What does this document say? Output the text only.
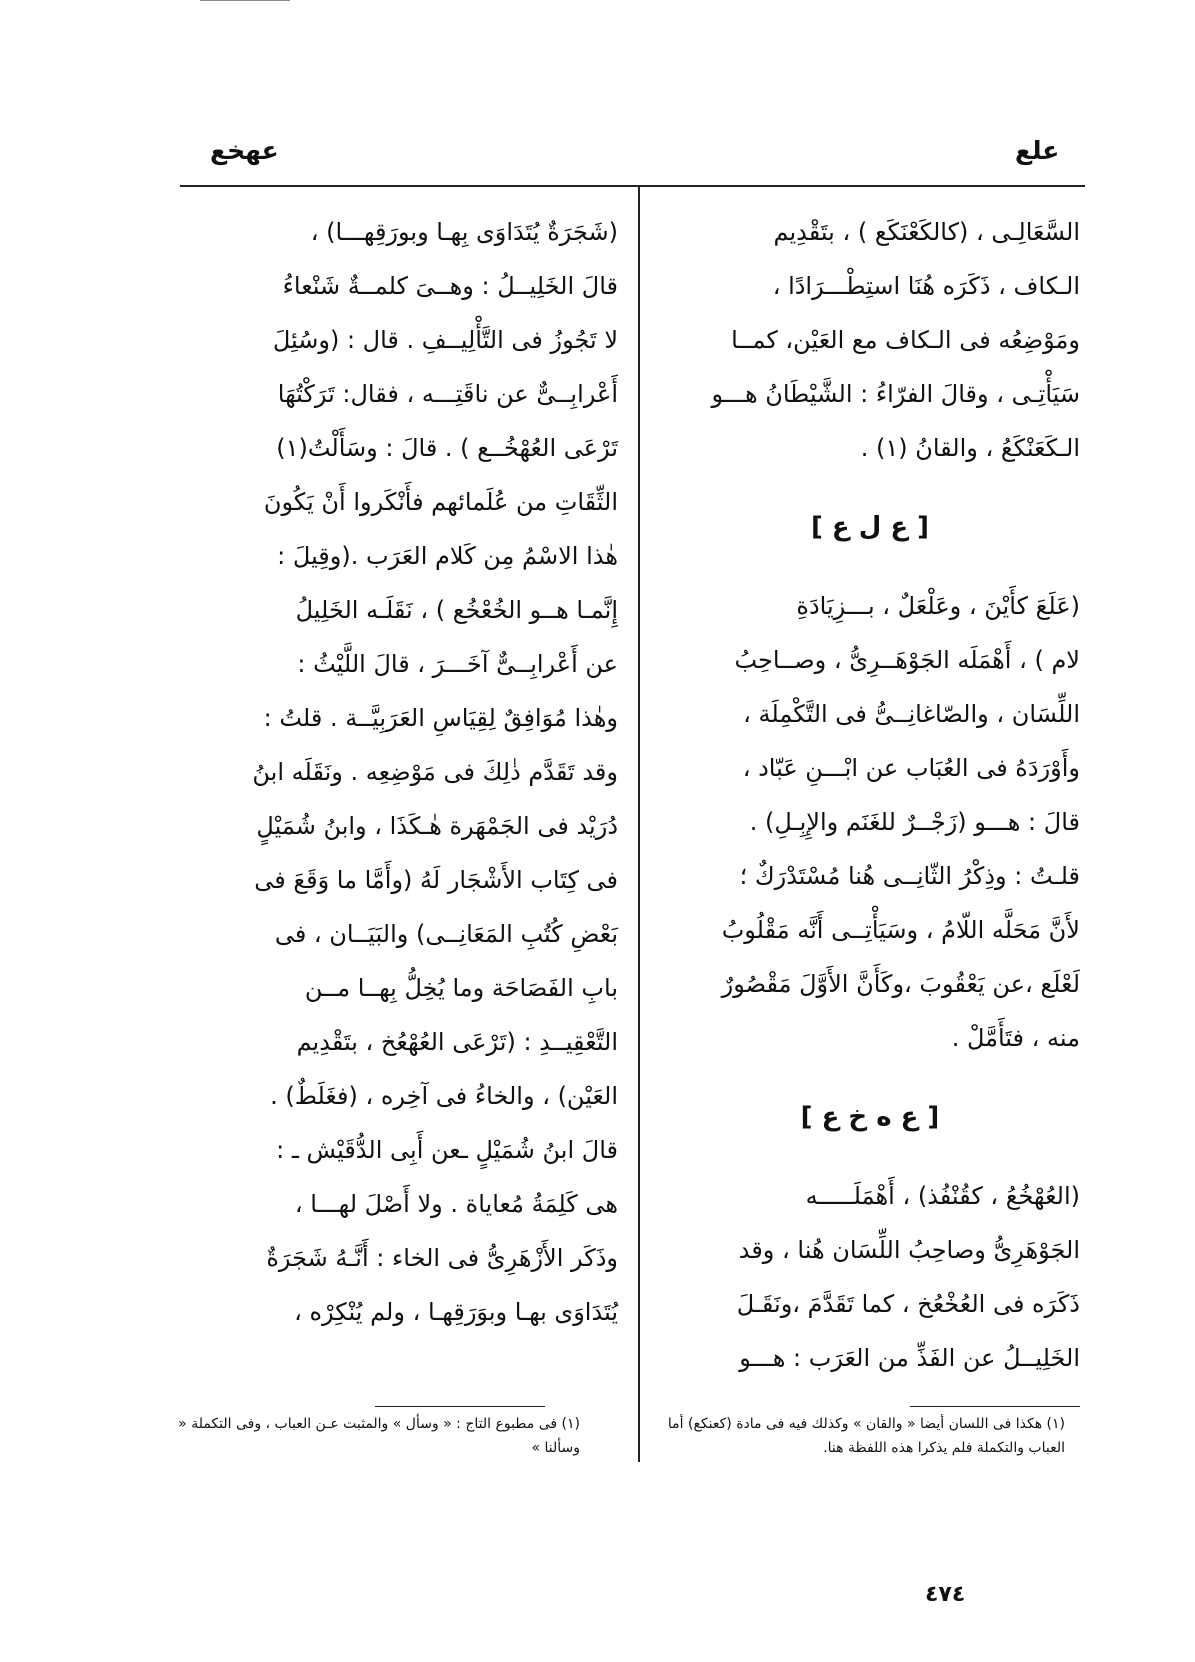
عهخع	علع
السَّعَالِـى ، (كالكَعْنَكَع ) ، بتَقْدِيم
الـكاف ، ذَكَرَه هُنَا استِطْـــرَادًا ،
ومَوْضِعُه فى الـكاف مع العَيْن، كمــا
سَيَأْتِـى ، وقالَ الفرّاءُ : الشَّيْطَانُ هـــو
الـكَعَنْكَعُ ، والقانُ (١) .
[ ع ل ع ]
(عَلَعَ كأَيْنَ ، وعَلْعَلٌ ، بـــزِيَادَةِ
لام ) ، أَهْمَلَه الجَوْهَــرِىُّ ، وصــاحِبُ
اللِّسَان ، والصّاغانِــىُّ فى التَّكْمِلَة ،
وأَوْرَدَهُ فى العُبَاب عن ابْـــنِ عَبّاد ،
قالَ : هـــو (زَجْــرٌ للغَنَم والإِبِـلِ) .
قلـتُ : وذِكْرُ الثّانِــى هُنا مُسْتَدْرَكٌ ؛
لأَنَّ مَحَلَّه اللّامُ ، وسَيَأْتِــى أَنَّه مَقْلُوبُ
لَعْلَع ،عن يَعْقُوبَ ،وكَأَنَّ الأَوَّلَ مَقْصُورٌ
منه ، فتَأَمَّلْ .
[ ع ه خ ع ]
(العُهْخُعُ ، كقُنْفُذ) ، أَهْمَلَـــــه
الجَوْهَرِىُّ وصاحِبُ اللِّسَان هُنا ، وقد
ذَكَرَه فى العُخْعُخ ، كما تَقَدَّمَ ،ونَقَـلَ
الخَلِيــلُ عن الفَذِّ من العَرَب : هـــو
(شَجَرَةٌ يُتَدَاوَى بِهـا وبورَقِهـــا) ،
قالَ الخَلِيــلُ : وهــىَ كلمــةٌ شَنْعاءُ
لا تَجُوزُ فى التَّأْلِيــفِ . قال : (وسُئِلَ
أَعْرابِــىٌّ عن ناقَتِـــه ، فقال: تَرَكْتُهَا
تَرْعَى العُهْخُــع ) . قالَ : وسَأَلْتُ(١)
الثِّقَاتِ من عُلَمائهم فأَنْكَروا أَنْ يَكُونَ
هٰذا الاسْمُ مِن كَلام العَرَب .(وقِيلَ :
إِنَّمـا هــو الخُعْخُع ) ، نَقَلَـه الخَلِيلُ
عن أَعْرابِــىٌّ آخَـــرَ ، قالَ اللَّيْثُ :
وهٰذا مُوَافِقٌ لِقِيَاسِ العَرَبِيَّــة . قلتُ :
وقد تَقَدَّم ذٰلِكَ فى مَوْضِعِه . ونَقَلَه ابنُ
دُرَيْد فى الجَمْهَرة هٰـكَذَا ، وابنُ شُمَيْلٍ
فى كِتَاب الأَشْجَار لَهُ (وأَمَّا ما وَقَعَ فى
بَعْضِ كُتُبِ المَعَانِــى) والبَيَــان ، فى
بابِ الفَصَاحَة وما يُخِلُّ بِهــا مــن
التَّعْقِيــدِ : (تَرْعَى العُهْعُخ ، بتَقْدِيم
العَيْن) ، والخاءُ فى آخِره ، (فغَلَطٌ) .
قالَ ابنُ شُمَيْلٍ ـعن أَبِى الدُّقَيْش ـ :
هى كَلِمَةُ مُعاياة . ولا أَصْلَ لهـــا ،
وذَكَر الأَزْهَرِىُّ فى الخاء : أَنَّـهُ شَجَرَةٌ
يُتَدَاوَى بهـا وبوَرَقِهـا ، ولم يُنْكِرْه ،
(١) هكذا فى اللسان أيضا « والقان » وكذلك فيه فى مادة (كعنكع) أما العباب والتكملة فلم يذكرا هذه اللفظة هنا.
(١) فى مطبوع التاج : « وسأل » والمثبت عـن العباب ، وفى التكملة « وسألنا »
٤٧٤
